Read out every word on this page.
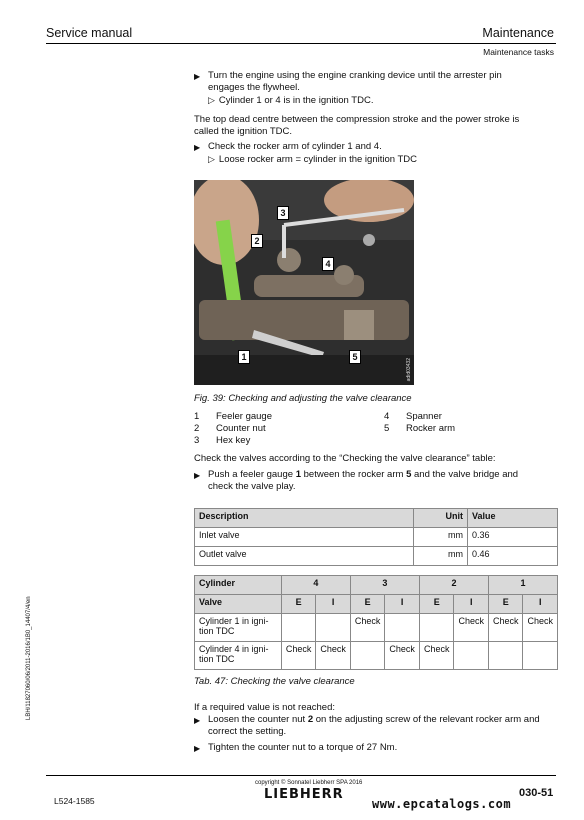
Service manual	Maintenance
Maintenance tasks
▶ Turn the engine using the engine cranking device until the arrester pin engages the flywheel.
▷ Cylinder 1 or 4 is in the ignition TDC.
The top dead centre between the compression stroke and the power stroke is called the ignition TDC.
▶ Check the rocker arm of cylinder 1 and 4.
▷ Loose rocker arm = cylinder in the ignition TDC
3
2
4
1	5
adid03432
Fig. 39: Checking and adjusting the valve clearance
1 Feeler gauge
2 Counter nut
3 Hex key
4 Spanner
5 Rocker arm
Check the valves according to the “Checking the valve clearance” table:
▶ Push a feeler gauge 1 between the rocker arm 5 and the valve bridge and check the valve play.
Description	Unit	Value
Inlet valve	mm	0.36
Outlet valve	mm	0.46
Cylinder	4		3		2		1	
Valve	E	I	E	I	E	I	E	I
Cylinder 1 in igni-tion TDC			Check			Check	Check	Check
Cylinder 4 in igni-tion TDC	Check	Check		Check	Check			
Tab. 47: Checking the valve clearance
If a required value is not reached:
▶ Loosen the counter nut 2 on the adjusting screw of the relevant rocker arm and correct the setting.
▶ Tighten the counter nut to a torque of 27 Nm.
LBH/11827060/06/2011-2016/1B0_14407/4/en
copyright © Sonnatel Liebherr SPA 2016
LIEBHERR
L524-1585	www.epcatalogs.com
030-51
